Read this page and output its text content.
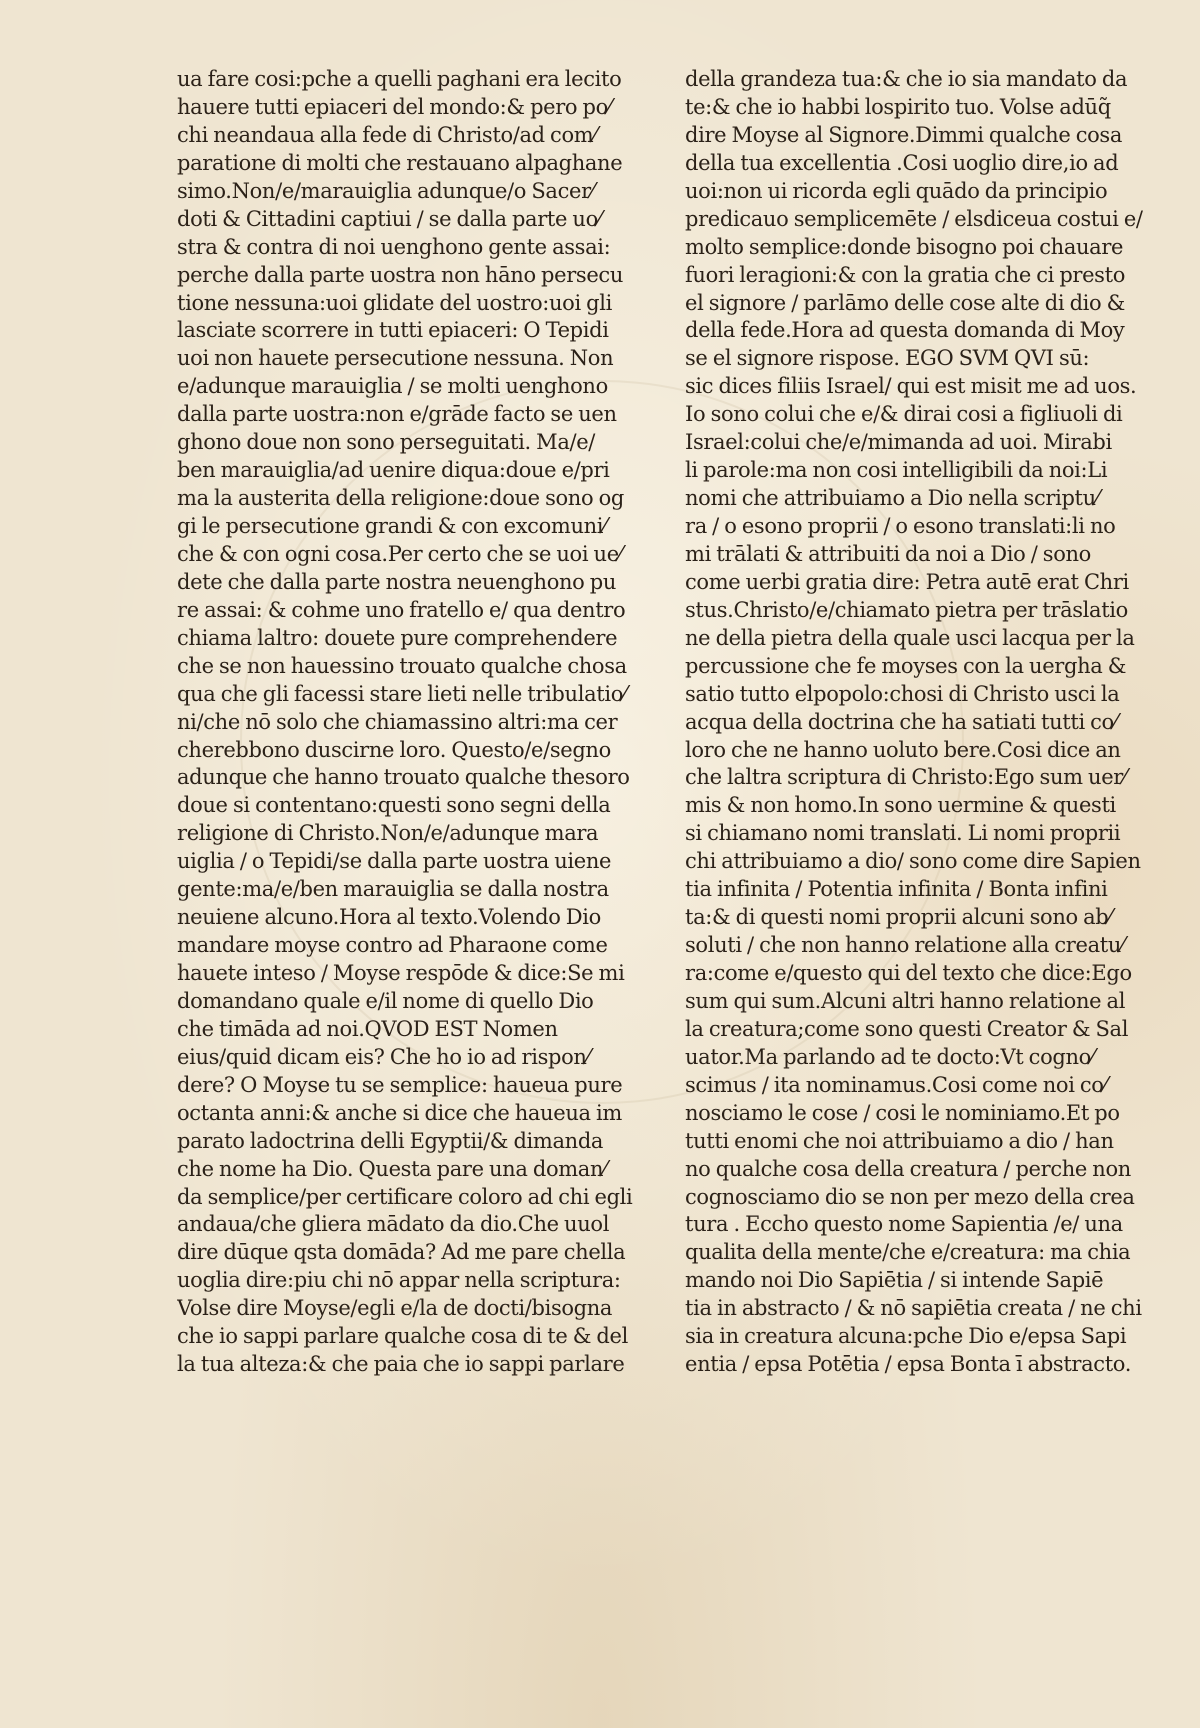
ua fare cosi:pche a quelli paghani era lecito
hauere tutti epiaceri del mondo:& pero po⁄
chi neandaua alla fede di Christo/ad com⁄
paratione di molti che restauano alpaghane
simo.Non/e/marauiglia adunque/o Sacer⁄
doti & Cittadini captiui / se dalla parte uo⁄
stra & contra di noi uenghono gente assai:
perche dalla parte uostra non hāno persecu
tione nessuna:uoi glidate del uostro:uoi gli
lasciate scorrere in tutti epiaceri: O Tepidi
uoi non hauete persecutione nessuna. Non
e/adunque marauiglia / se molti uenghono
dalla parte uostra:non e/grāde facto se uen
ghono doue non sono perseguitati. Ma/e/
ben marauiglia/ad uenire diqua:doue e/pri
ma la austerita della religione:doue sono og
gi le persecutione grandi & con excomuni⁄
che & con ogni cosa.Per certo che se uoi ue⁄
dete che dalla parte nostra neuenghono pu
re assai: & cohme uno fratello e/ qua dentro
chiama laltro: douete pure comprehendere
che se non hauessino trouato qualche chosa
qua che gli facessi stare lieti nelle tribulatio⁄
ni/che nō solo che chiamassino altri:ma cer
cherebbono duscirne loro. Questo/e/segno
adunque che hanno trouato qualche thesoro
doue si contentano:questi sono segni della
religione di Christo.Non/e/adunque mara
uiglia / o Tepidi/se dalla parte uostra uiene
gente:ma/e/ben marauiglia se dalla nostra
neuiene alcuno.Hora al texto.Volendo Dio
mandare moyse contro ad Pharaone come
hauete inteso / Moyse respōde & dice:Se mi
domandano quale e/il nome di quello Dio
che timāda ad noi.QVOD EST Nomen
eius/quid dicam eis? Che ho io ad rispon⁄
dere? O Moyse tu se semplice: haueua pure
octanta anni:& anche si dice che haueua im
parato ladoctrina delli Egyptii/& dimanda
che nome ha Dio. Questa pare una doman⁄
da semplice/per certificare coloro ad chi egli
andaua/che gliera mādato da dio.Che uuol
dire dūque qsta domāda? Ad me pare chella
uoglia dire:piu chi nō appar nella scriptura:
Volse dire Moyse/egli e/la de docti/bisogna
che io sappi parlare qualche cosa di te & del
la tua alteza:& che paia che io sappi parlare
della grandeza tua:& che io sia mandato da
te:& che io habbi lospirito tuo. Volse adūq̃
dire Moyse al Signore.Dimmi qualche cosa
della tua excellentia .Cosi uoglio dire,io ad
uoi:non ui ricorda egli quādo da principio
predicauo semplicemēte / elsdiceua costui e/
molto semplice:donde bisogno poi chauare
fuori leragioni:& con la gratia che ci presto
el signore / parlāmo delle cose alte di dio &
della fede.Hora ad questa domanda di Moy
se el signore rispose. EGO SVM QVI sū:
sic dices filiis Israel/ qui est misit me ad uos.
Io sono colui che e/& dirai cosi a figliuoli di
Israel:colui che/e/mimanda ad uoi. Mirabi
li parole:ma non cosi intelligibili da noi:Li
nomi che attribuiamo a Dio nella scriptu⁄
ra / o esono proprii / o esono translati:li no
mi trālati & attribuiti da noi a Dio / sono
come uerbi gratia dire: Petra autē erat Chri
stus.Christo/e/chiamato pietra per trāslatio
ne della pietra della quale usci lacqua per la
percussione che fe moyses con la uergha &
satio tutto elpopolo:chosi di Christo usci la
acqua della doctrina che ha satiati tutti co⁄
loro che ne hanno uoluto bere.Cosi dice an
che laltra scriptura di Christo:Ego sum uer⁄
mis & non homo.In sono uermine & questi
si chiamano nomi translati. Li nomi proprii
chi attribuiamo a dio/ sono come dire Sapien
tia infinita / Potentia infinita / Bonta infini
ta:& di questi nomi proprii alcuni sono ab⁄
soluti / che non hanno relatione alla creatu⁄
ra:come e/questo qui del texto che dice:Ego
sum qui sum.Alcuni altri hanno relatione al
la creatura;come sono questi Creator & Sal
uator.Ma parlando ad te docto:Vt cogno⁄
scimus / ita nominamus.Cosi come noi co⁄
nosciamo le cose / cosi le nominiamo.Et po
tutti enomi che noi attribuiamo a dio / han
no qualche cosa della creatura / perche non
cognosciamo dio se non per mezo della crea
tura . Eccho questo nome Sapientia /e/ una
qualita della mente/che e/creatura: ma chia
mando noi Dio Sapiētia / si intende Sapiē
tia in abstracto / & nō sapiētia creata / ne chi
sia in creatura alcuna:pche Dio e/epsa Sapi
entia / epsa Potētia / epsa Bonta ī abstracto.
